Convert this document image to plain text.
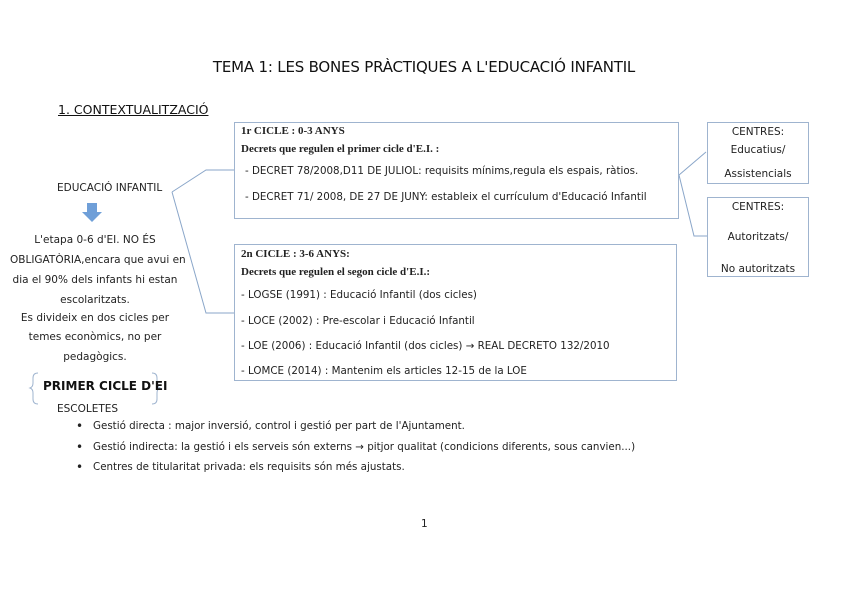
TEMA 1: LES BONES PRÀCTIQUES A L'EDUCACIÓ INFANTIL
1. CONTEXTUALITZACIÓ
EDUCACIÓ INFANTIL
L'etapa 0-6 d'EI. NO ÉS
OBLIGATÒRIA,encara que avui en
dia el 90% dels infants hi estan
escolaritzats.
Es divideix en dos cicles per
temes econòmics, no per
pedagògics.
1r CICLE : 0-3 ANYS
Decrets que regulen el primer cicle d'E.I. :
- DECRET 78/2008,D11 DE JULIOL: requisits mínims,regula els espais, ràtios.
- DECRET 71/ 2008, DE 27 DE JUNY: estableix el currículum d'Educació Infantil
2n CICLE : 3-6 ANYS:
Decrets que regulen el segon cicle d'E.I.:
- LOGSE (1991) : Educació Infantil (dos cicles)
- LOCE (2002) : Pre-escolar i Educació Infantil
- LOE (2006) : Educació Infantil (dos cicles) → REAL DECRETO 132/2010
- LOMCE (2014) : Mantenim els articles 12-15 de la LOE
CENTRES:
Educatius/
Assistencials
CENTRES:
Autoritzats/
No autoritzats
PRIMER CICLE D'EI
ESCOLETES
• Gestió directa : major inversió, control i gestió per part de l'Ajuntament.
• Gestió indirecta: la gestió i els serveis són externs → pitjor qualitat (condicions diferents, sous canvien...)
• Centres de titularitat privada: els requisits són més ajustats.
1
